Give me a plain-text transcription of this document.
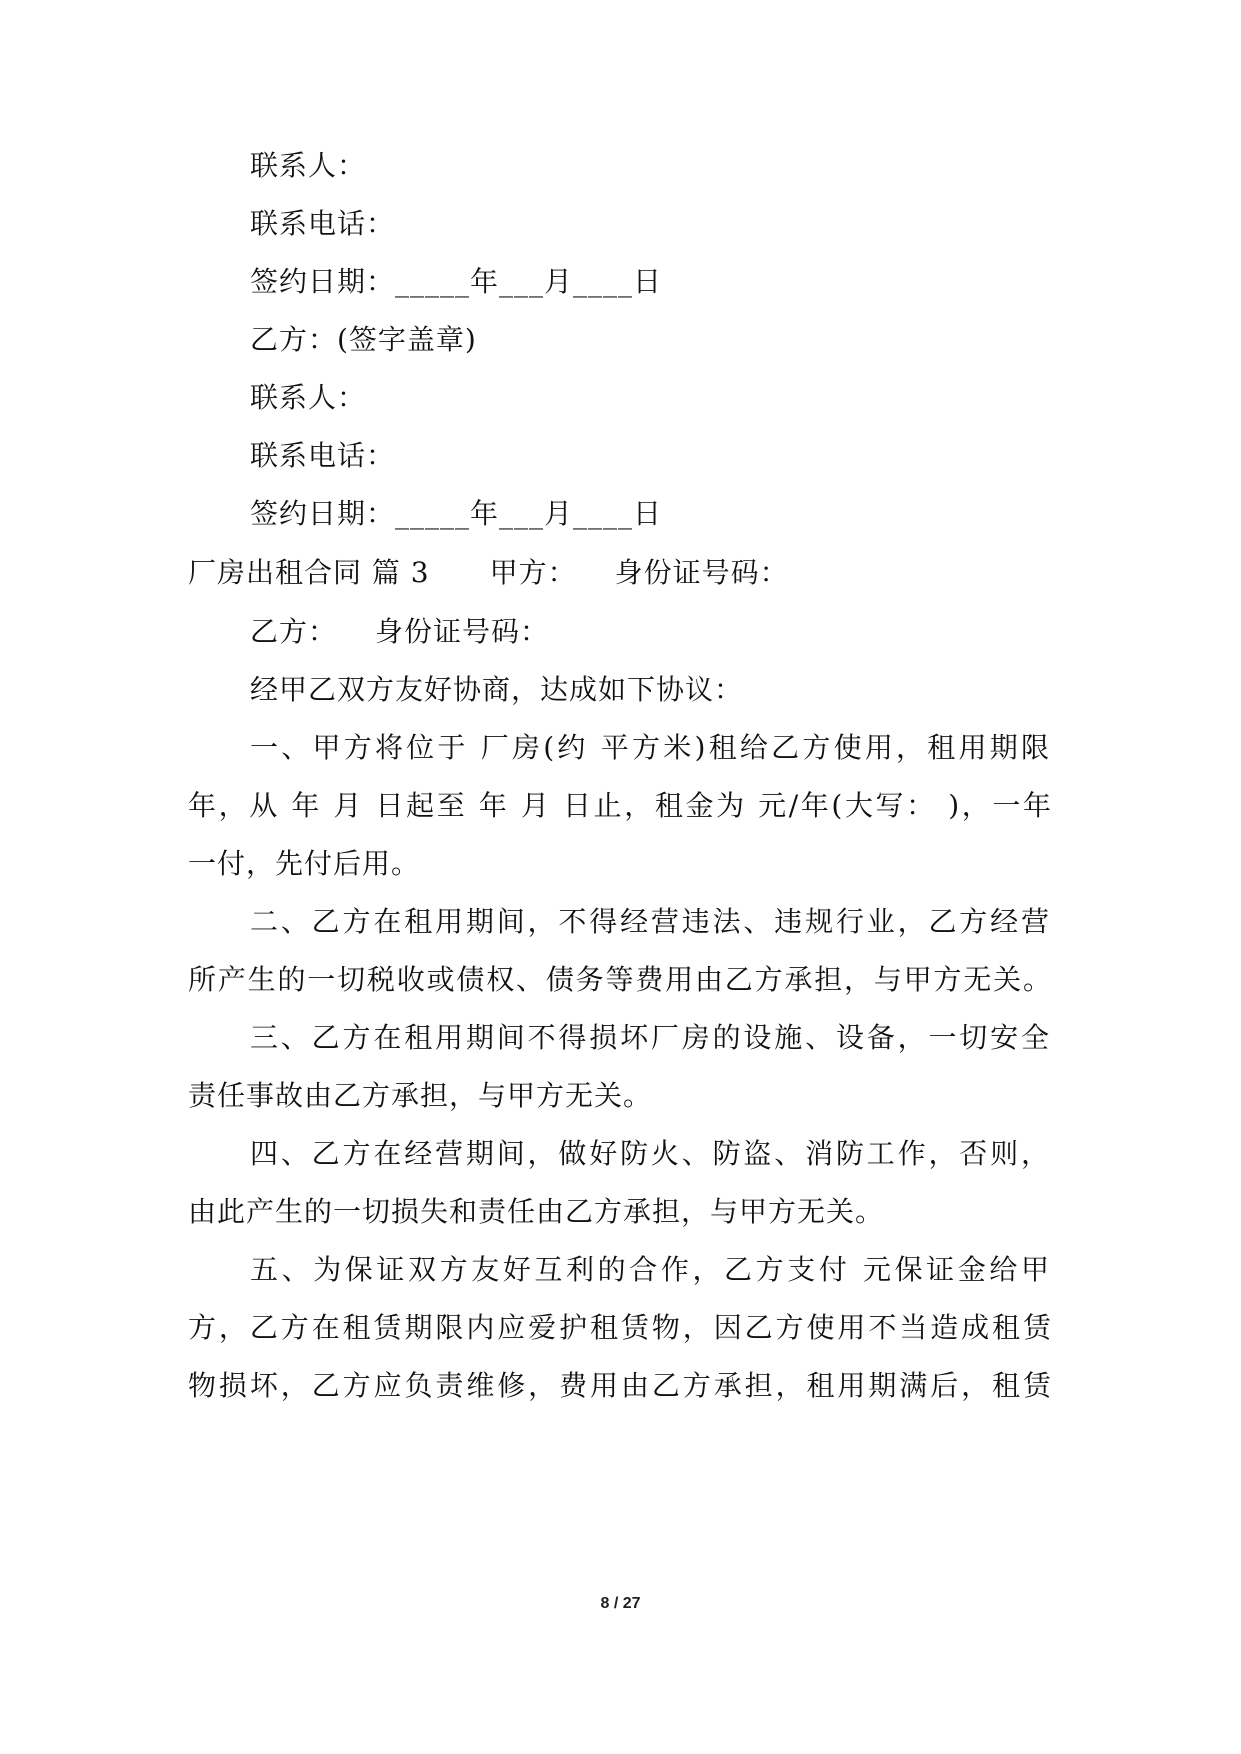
联系人：
联系电话：
签约日期：_____年___月____日
乙方：(签字盖章)
联系人：
联系电话：
签约日期：_____年___月____日
厂房出租合同 篇 3 甲方： 身份证号码：
乙方： 身份证号码：
经甲乙双方友好协商，达成如下协议：
一、甲方将位于 厂房(约 平方米)租给乙方使用，租用期限
年，从 年 月 日起至 年 月 日止，租金为 元/年(大写： )，一年
一付，先付后用。
二、乙方在租用期间，不得经营违法、违规行业，乙方经营
所产生的一切税收或债权、债务等费用由乙方承担，与甲方无关。
三、乙方在租用期间不得损坏厂房的设施、设备，一切安全
责任事故由乙方承担，与甲方无关。
四、乙方在经营期间，做好防火、防盗、消防工作，否则，
由此产生的一切损失和责任由乙方承担，与甲方无关。
五、为保证双方友好互利的合作，乙方支付 元保证金给甲
方，乙方在租赁期限内应爱护租赁物，因乙方使用不当造成租赁
物损坏，乙方应负责维修，费用由乙方承担，租用期满后，租赁
8 / 27
